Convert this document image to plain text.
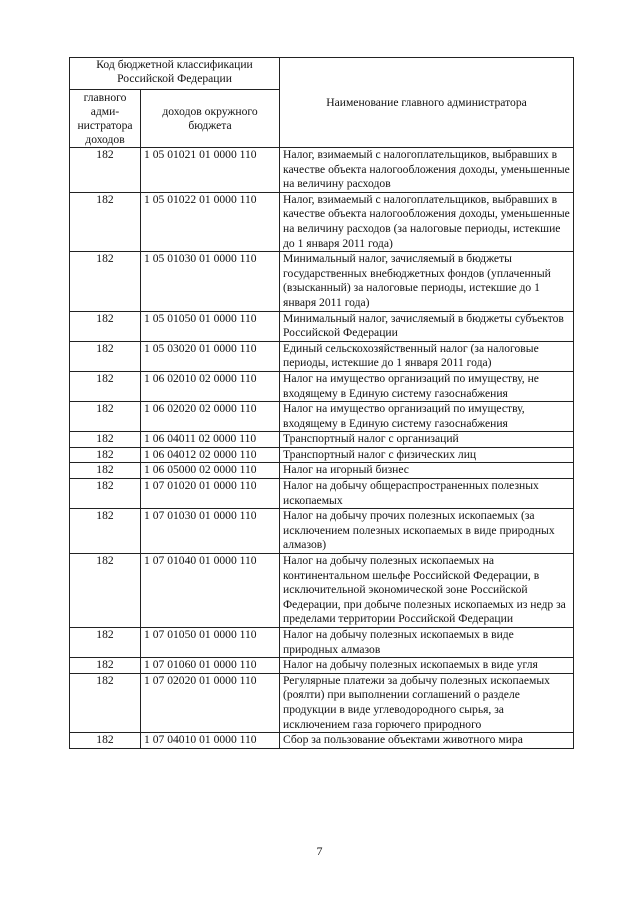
Код бюджетной классификации Российской Федерации		Наименование главного администратора
главного адми-нистратора доходов	доходов окружного бюджета	
182	1 05 01021 01 0000 110	Налог, взимаемый с налогоплательщиков, выбравших в качестве объекта налогообложения доходы, уменьшенные на величину расходов
182	1 05 01022 01 0000 110	Налог, взимаемый с налогоплательщиков, выбравших в качестве объекта налогообложения доходы, уменьшенные на величину расходов (за налоговые периоды, истекшие до 1 января 2011 года)
182	1 05 01030 01 0000 110	Минимальный налог, зачисляемый в бюджеты государственных внебюджетных фондов (уплаченный (взысканный) за налоговые периоды, истекшие до 1 января 2011 года)
182	1 05 01050 01 0000 110	Минимальный налог, зачисляемый в бюджеты субъектов Российской Федерации
182	1 05 03020 01 0000 110	Единый сельскохозяйственный налог (за налоговые периоды, истекшие до 1 января 2011 года)
182	1 06 02010 02 0000 110	Налог на имущество организаций по имуществу, не входящему в Единую систему газоснабжения
182	1 06 02020 02 0000 110	Налог на имущество организаций по имуществу, входящему в Единую систему газоснабжения
182	1 06 04011 02 0000 110	Транспортный налог с организаций
182	1 06 04012 02 0000 110	Транспортный налог с физических лиц
182	1 06 05000 02 0000 110	Налог на игорный бизнес
182	1 07 01020 01 0000 110	Налог на добычу общераспространенных полезных ископаемых
182	1 07 01030 01 0000 110	Налог на добычу прочих полезных ископаемых (за исключением полезных ископаемых в виде природных алмазов)
182	1 07 01040 01 0000 110	Налог на добычу полезных ископаемых на континентальном шельфе Российской Федерации, в исключительной экономической зоне Российской Федерации, при добыче полезных ископаемых из недр за пределами территории Российской Федерации
182	1 07 01050 01 0000 110	Налог на добычу полезных ископаемых в виде природных алмазов
182	1 07 01060 01 0000 110	Налог на добычу полезных ископаемых в виде угля
182	1 07 02020 01 0000 110	Регулярные платежи за добычу полезных ископаемых (роялти) при выполнении соглашений о разделе продукции в виде углеводородного сырья, за исключением газа горючего природного
182	1 07 04010 01 0000 110	Сбор за пользование объектами животного мира
7
